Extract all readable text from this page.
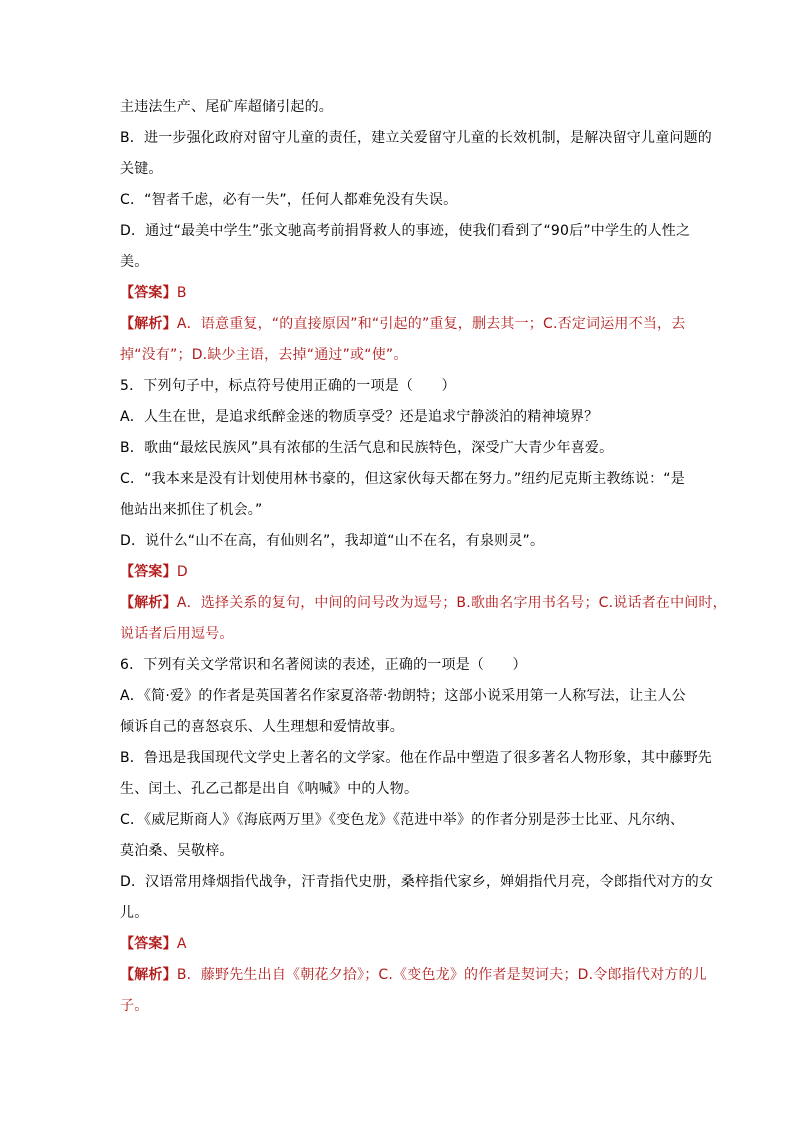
主违法生产、尾矿库超储引起的。
B．进一步强化政府对留守儿童的责任，建立关爱留守儿童的长效机制，是解决留守儿童问题的
关键。
C．“智者千虑，必有一失”，任何人都难免没有失误。
D．通过“最美中学生”张文驰高考前捐肾救人的事迹，使我们看到了“90后”中学生的人性之
美。
【答案】B
【解析】A．语意重复，“的直接原因”和“引起的”重复，删去其一；C.否定词运用不当，去
掉“没有”；D.缺少主语，去掉“通过”或“使”。
5．下列句子中，标点符号使用正确的一项是（　　）
A．人生在世，是追求纸醉金迷的物质享受？还是追求宁静淡泊的精神境界？
B．歌曲“最炫民族风”具有浓郁的生活气息和民族特色，深受广大青少年喜爱。
C．“我本来是没有计划使用林书豪的，但这家伙每天都在努力。”纽约尼克斯主教练说：“是
他站出来抓住了机会。”
D．说什么“山不在高，有仙则名”，我却道“山不在名，有泉则灵”。
【答案】D
【解析】A．选择关系的复句，中间的问号改为逗号；B.歌曲名字用书名号；C.说话者在中间时，
说话者后用逗号。
6．下列有关文学常识和名著阅读的表述，正确的一项是（　　）
A．《简·爱》的作者是英国著名作家夏洛蒂·勃朗特；这部小说采用第一人称写法，让主人公
倾诉自己的喜怒哀乐、人生理想和爱情故事。
B．鲁迅是我国现代文学史上著名的文学家。他在作品中塑造了很多著名人物形象，其中藤野先
生、闰土、孔乙己都是出自《呐喊》中的人物。
C．《威尼斯商人》《海底两万里》《变色龙》《范进中举》的作者分别是莎士比亚、凡尔纳、
莫泊桑、吴敬梓。
D．汉语常用烽烟指代战争，汗青指代史册，桑梓指代家乡，婵娟指代月亮，令郎指代对方的女
儿。
【答案】A
【解析】B．藤野先生出自《朝花夕拾》；C.《变色龙》的作者是契诃夫；D.令郎指代对方的儿
子。
